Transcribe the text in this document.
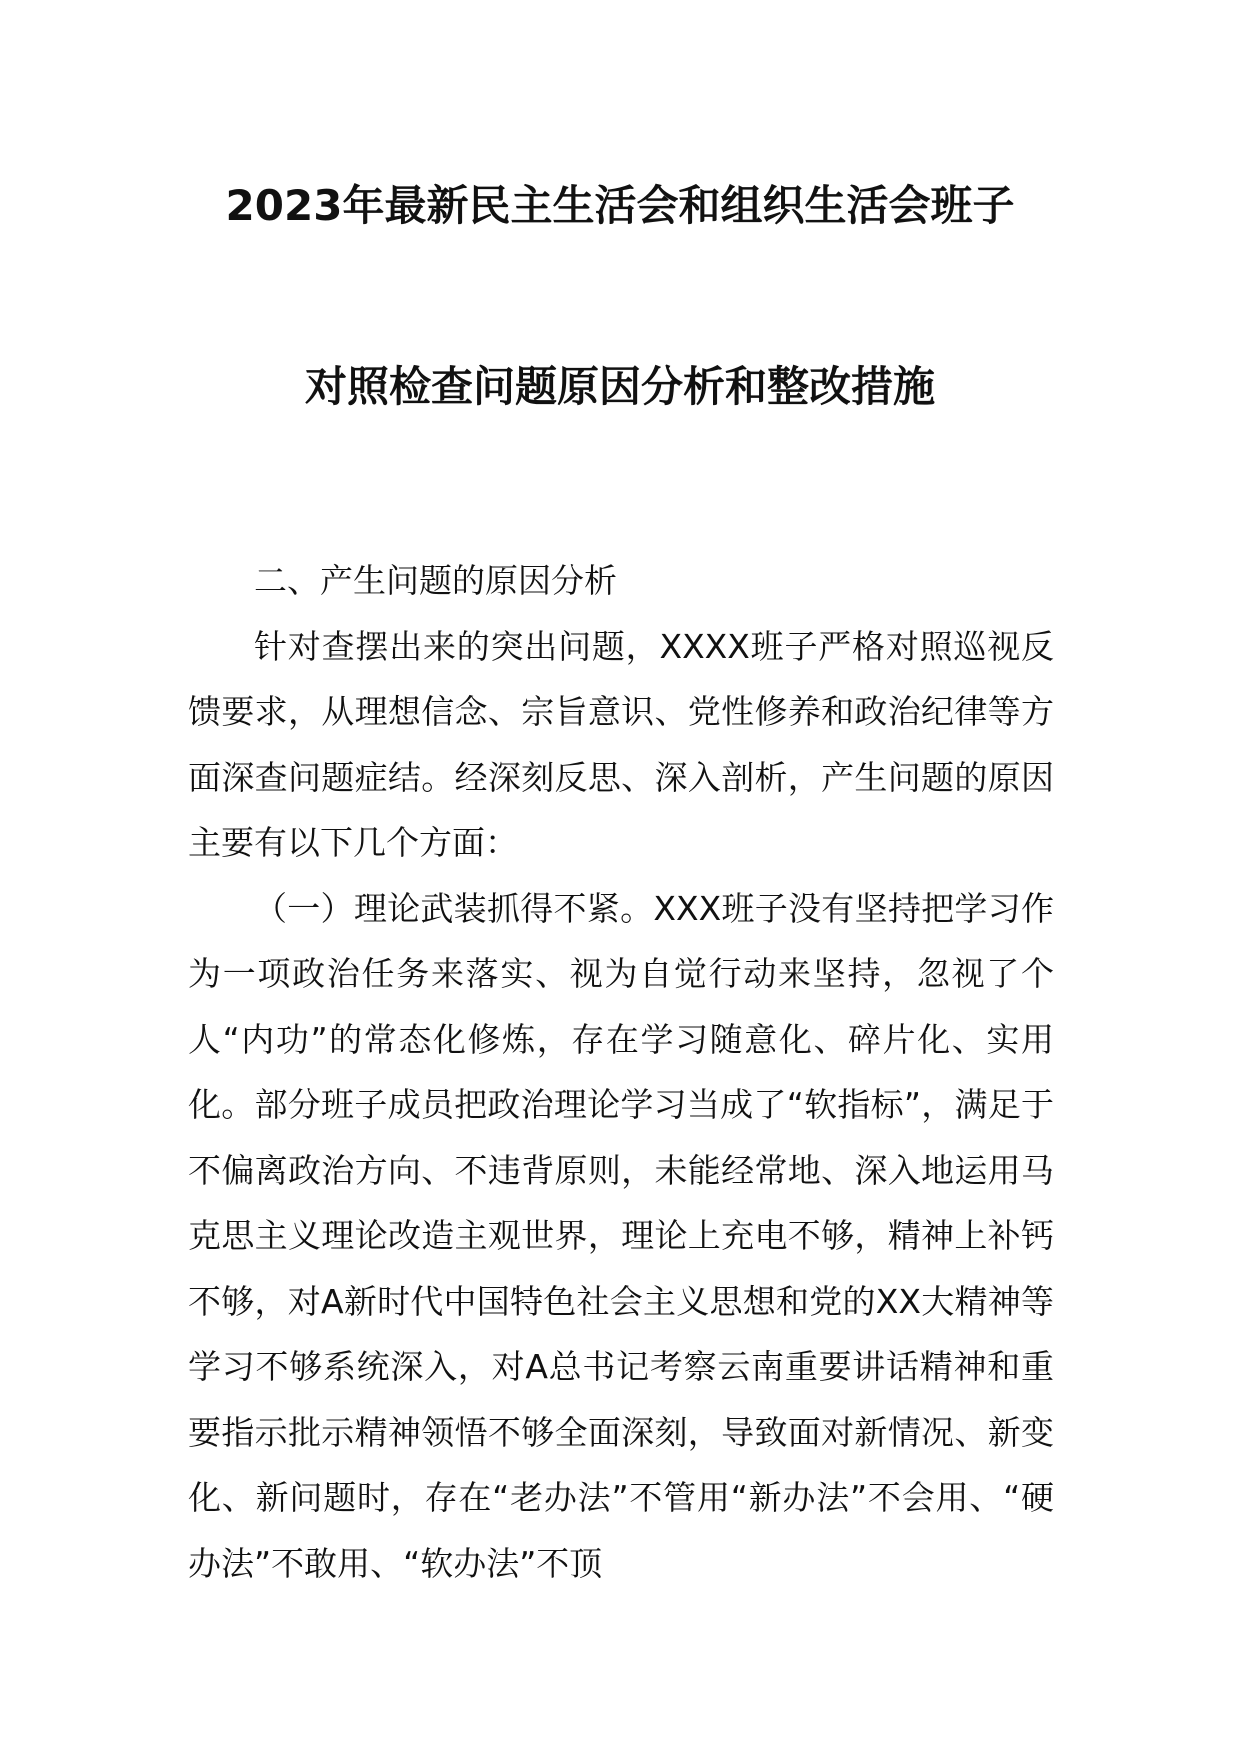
2023年最新民主生活会和组织生活会班子
对照检查问题原因分析和整改措施

二、产生问题的原因分析

针对查摆出来的突出问题，XXXX班子严格对照巡视反馈要求，从理想信念、宗旨意识、党性修养和政治纪律等方面深查问题症结。经深刻反思、深入剖析，产生问题的原因主要有以下几个方面：

（一）理论武装抓得不紧。XXX班子没有坚持把学习作为一项政治任务来落实、视为自觉行动来坚持，忽视了个人“内功”的常态化修炼，存在学习随意化、碎片化、实用化。部分班子成员把政治理论学习当成了“软指标”，满足于不偏离政治方向、不违背原则，未能经常地、深入地运用马克思主义理论改造主观世界，理论上充电不够，精神上补钙不够，对A新时代中国特色社会主义思想和党的XX大精神等学习不够系统深入，对A总书记考察云南重要讲话精神和重要指示批示精神领悟不够全面深刻，导致面对新情况、新变化、新问题时，存在“老办法”不管用“新办法”不会用、“硬办法”不敢用、“软办法”不顶
